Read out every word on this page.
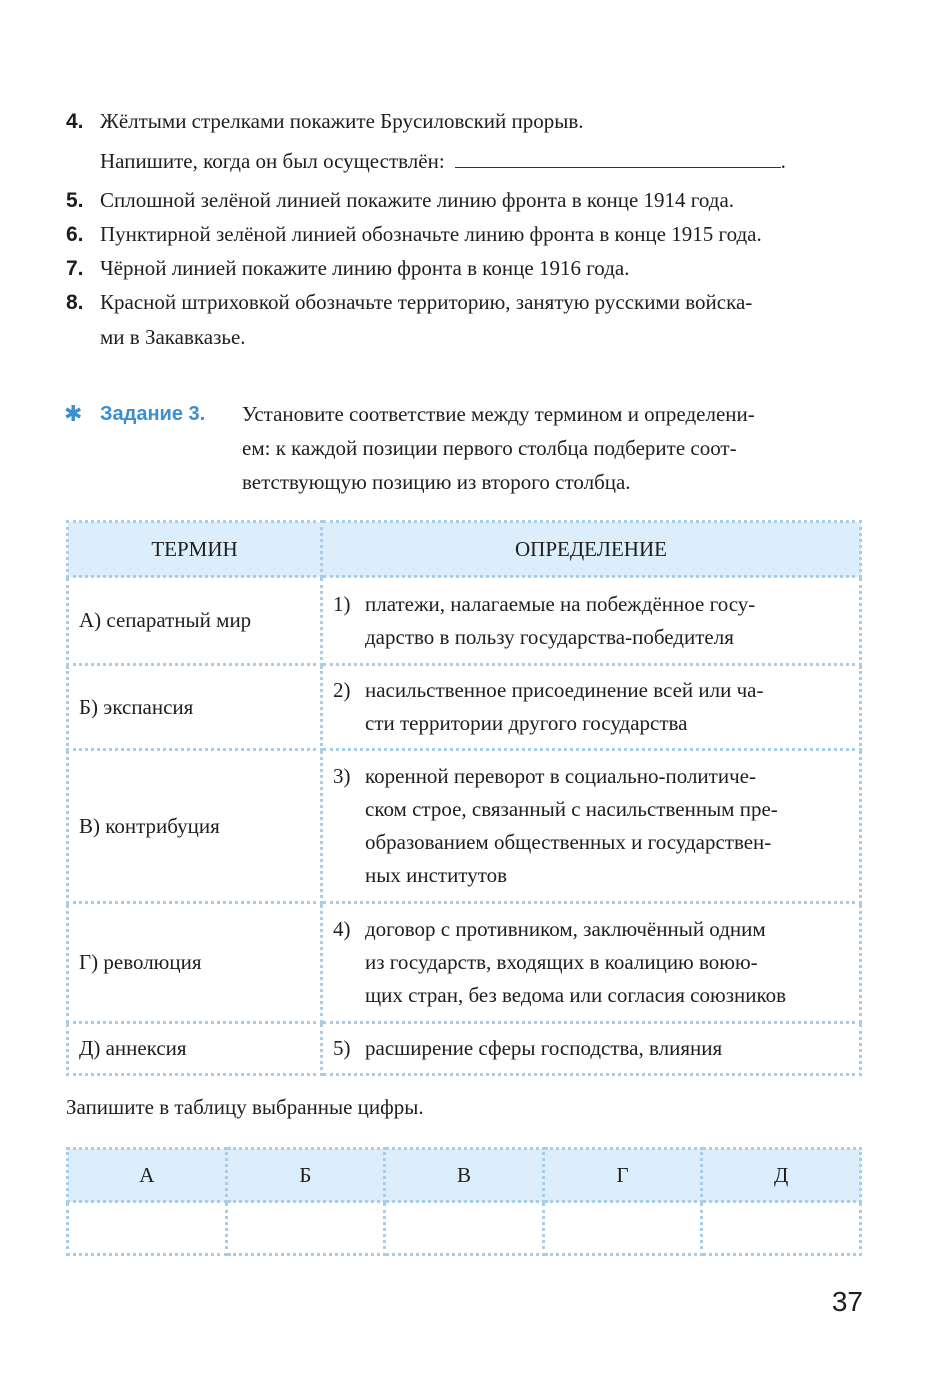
4. Жёлтыми стрелками покажите Брусиловский прорыв.
Напишите, когда он был осуществлён:	.
5. Сплошной зелёной линией покажите линию фронта в конце 1914 года.
6. Пунктирной зелёной линией обозначьте линию фронта в конце 1915 года.
7. Чёрной линией покажите линию фронта в конце 1916 года.
8. Красной штриховкой обозначьте территорию, занятую русскими войска-
ми в Закавказье.
✱ Задание 3. Установите соответствие между термином и определени-
ем: к каждой позиции первого столбца подберите соот-
ветствующую позицию из второго столбца.
ТЕРМИН	ОПРЕДЕЛЕНИЕ
А) сепаратный мир	1) платежи, налагаемые на побеждённое госу-
дарство в пользу государства-победителя

Б) экспансия	2) насильственное присоединение всей или ча-
сти территории другого государства

В) контрибуция	3) коренной переворот в социально-политиче-
ском строе, связанный с насильственным пре-
образованием общественных и государствен-
ных институтов

Г) революция	4) договор с противником, заключённый одним
из государств, входящих в коалицию воюю-
щих стран, без ведома или согласия союзников

Д) аннексия	5) расширение сферы господства, влияния
Запишите в таблицу выбранные цифры.
А	Б	В	Г	Д

37
